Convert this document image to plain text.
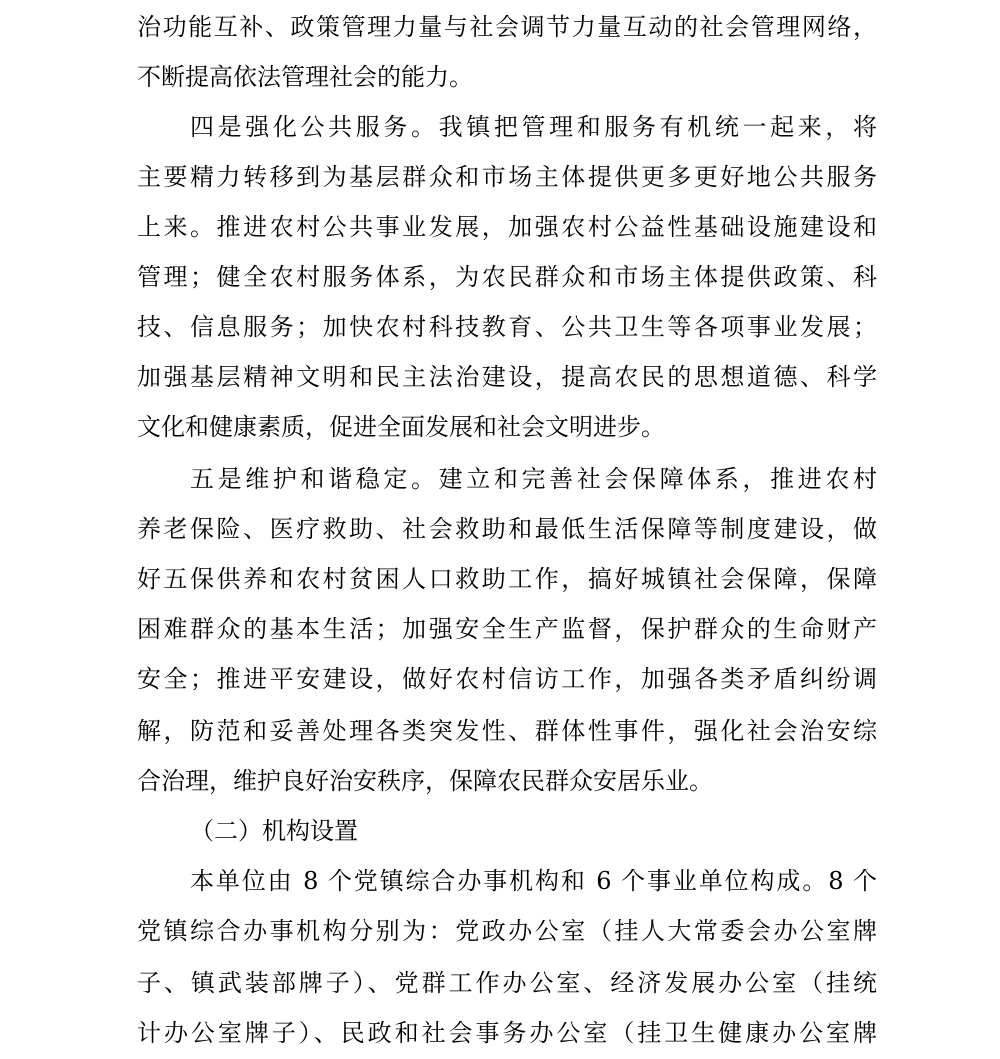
治功能互补、政策管理力量与社会调节力量互动的社会管理网络，
不断提高依法管理社会的能力。
四是强化公共服务。我镇把管理和服务有机统一起来，将
主要精力转移到为基层群众和市场主体提供更多更好地公共服务
上来。推进农村公共事业发展，加强农村公益性基础设施建设和
管理；健全农村服务体系，为农民群众和市场主体提供政策、科
技、信息服务；加快农村科技教育、公共卫生等各项事业发展；
加强基层精神文明和民主法治建设，提高农民的思想道德、科学
文化和健康素质，促进全面发展和社会文明进步。
五是维护和谐稳定。建立和完善社会保障体系，推进农村
养老保险、医疗救助、社会救助和最低生活保障等制度建设，做
好五保供养和农村贫困人口救助工作，搞好城镇社会保障，保障
困难群众的基本生活；加强安全生产监督，保护群众的生命财产
安全；推进平安建设，做好农村信访工作，加强各类矛盾纠纷调
解，防范和妥善处理各类突发性、群体性事件，强化社会治安综
合治理，维护良好治安秩序，保障农民群众安居乐业。
（二）机构设置
本单位由 8 个党镇综合办事机构和 6 个事业单位构成。8 个
党镇综合办事机构分别为：党政办公室（挂人大常委会办公室牌
子、镇武装部牌子）、党群工作办公室、经济发展办公室（挂统
计办公室牌子）、民政和社会事务办公室（挂卫生健康办公室牌
